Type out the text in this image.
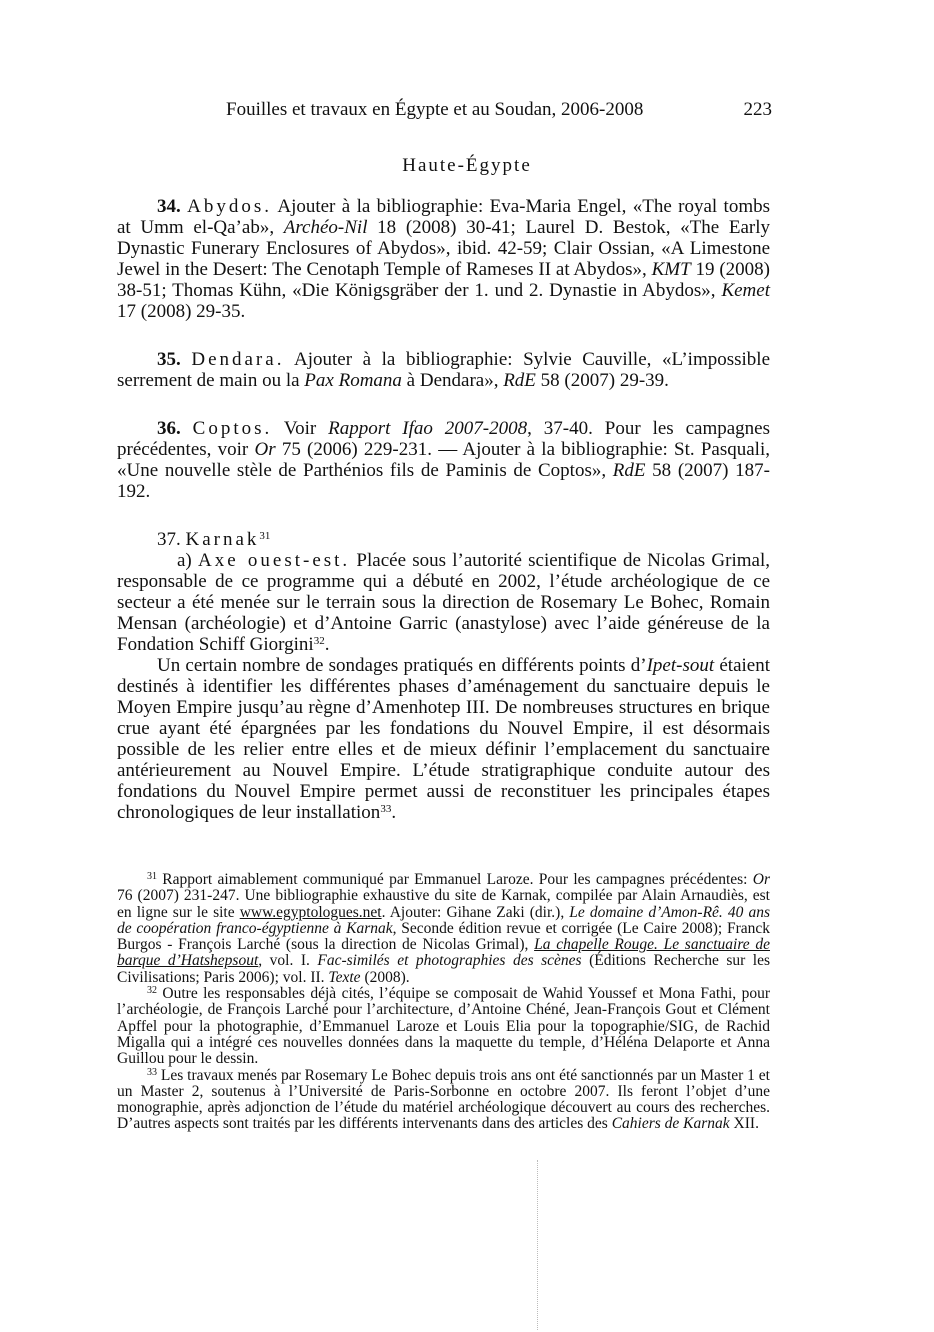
Fouilles et travaux en Égypte et au Soudan, 2006-2008	223
Haute-Égypte

34. Abydos. Ajouter à la bibliographie: Eva-Maria Engel, «The royal tombs at Umm el-Qa’ab», Archéo-Nil 18 (2008) 30-41; Laurel D. Bestok, «The Early Dynastic Funerary Enclosures of Abydos», ibid. 42-59; Clair Ossian, «A Limestone Jewel in the Desert: The Cenotaph Temple of Rameses II at Abydos», KMT 19 (2008) 38-51; Thomas Kühn, «Die Königsgräber der 1. und 2. Dynastie in Abydos», Kemet 17 (2008) 29-35.

35. Dendara. Ajouter à la bibliographie: Sylvie Cauville, «L’impossible serrement de main ou la Pax Romana à Dendara», RdE 58 (2007) 29-39.

36. Coptos. Voir Rapport Ifao 2007-2008, 37-40. Pour les campagnes précédentes, voir Or 75 (2006) 229-231. — Ajouter à la bibliographie: St. Pasquali, «Une nouvelle stèle de Parthénios fils de Paminis de Coptos», RdE 58 (2007) 187-192.

37. Karnak$^{31}$

a) Axe ouest-est. Placée sous l’autorité scientifique de Nicolas Grimal, responsable de ce programme qui a débuté en 2002, l’étude archéologique de ce secteur a été menée sur le terrain sous la direction de Rosemary Le Bohec, Romain Mensan (archéologie) et d’Antoine Garric (anastylose) avec l’aide généreuse de la Fondation Schiff Giorgini$^{32}$.

Un certain nombre de sondages pratiqués en différents points d’Ipet-sout étaient destinés à identifier les différentes phases d’aménagement du sanctuaire depuis le Moyen Empire jusqu’au règne d’Amenhotep III. De nombreuses structures en brique crue ayant été épargnées par les fondations du Nouvel Empire, il est désormais possible de les relier entre elles et de mieux définir l’emplacement du sanctuaire antérieurement au Nouvel Empire. L’étude stratigraphique conduite autour des fondations du Nouvel Empire permet aussi de reconstituer les principales étapes chronologiques de leur installation$^{33}$.

$^{31}$ Rapport aimablement communiqué par Emmanuel Laroze. Pour les campagnes précédentes: Or 76 (2007) 231-247. Une bibliographie exhaustive du site de Karnak, compilée par Alain Arnaudiès, est en ligne sur le site www.egyptologues.net. Ajouter: Gihane Zaki (dir.), Le domaine d’Amon-Rê. 40 ans de coopération franco-égyptienne à Karnak, Seconde édition revue et corrigée (Le Caire 2008); Franck Burgos - François Larché (sous la direction de Nicolas Grimal), La chapelle Rouge. Le sanctuaire de barque d’Hatshepsout, vol. I. Fac-similés et photographies des scènes (Éditions Recherche sur les Civilisations; Paris 2006); vol. II. Texte (2008).

$^{32}$ Outre les responsables déjà cités, l’équipe se composait de Wahid Youssef et Mona Fathi, pour l’archéologie, de François Larché pour l’architecture, d’Antoine Chéné, Jean-François Gout et Clément Apffel pour la photographie, d’Emmanuel Laroze et Louis Elia pour la topographie/SIG, de Rachid Migalla qui a intégré ces nouvelles données dans la maquette du temple, d’Héléna Delaporte et Anna Guillou pour le dessin.

$^{33}$ Les travaux menés par Rosemary Le Bohec depuis trois ans ont été sanctionnés par un Master 1 et un Master 2, soutenus à l’Université de Paris-Sorbonne en octobre 2007. Ils feront l’objet d’une monographie, après adjonction de l’étude du matériel archéologique découvert au cours des recherches. D’autres aspects sont traités par les différents intervenants dans des articles des Cahiers de Karnak XII.
